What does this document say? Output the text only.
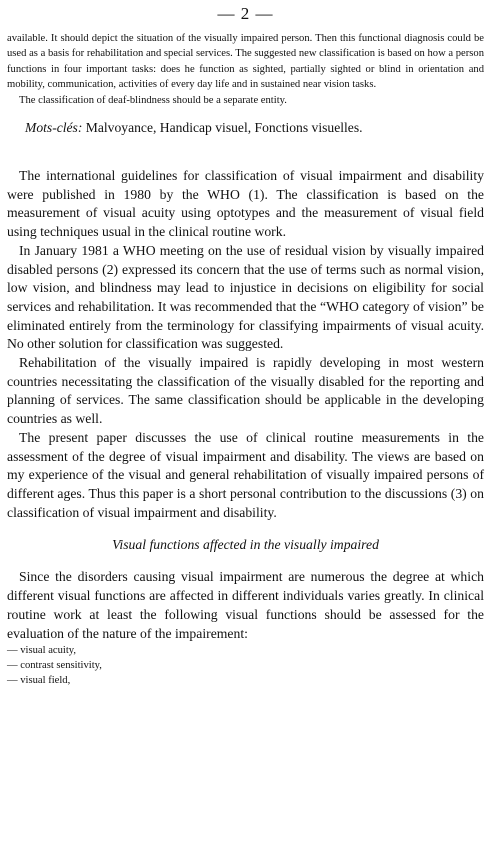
— 2 —

available. It should depict the situation of the visually impaired person. Then this functional diagnosis could be used as a basis for rehabilitation and special services. The suggested new classification is based on how a person functions in four important tasks: does he function as sighted, partially sighted or blind in orientation and mobility, communication, activities of every day life and in sustained near vision tasks.

The classification of deaf-blindness should be a separate entity.

Mots-clés: Malvoyance, Handicap visuel, Fonctions visuelles.

The international guidelines for classification of visual impairment and disability were published in 1980 by the WHO (1). The classification is based on the measurement of visual acuity using optotypes and the measurement of visual field using techniques usual in the clinical routine work.

In January 1981 a WHO meeting on the use of residual vision by visually impaired disabled persons (2) expressed its concern that the use of terms such as normal vision, low vision, and blindness may lead to injustice in decisions on eligibility for social services and rehabilitation. It was recommended that the “WHO category of vision” be eliminated entirely from the terminology for classifying impairments of visual acuity. No other solution for classification was suggested.

Rehabilitation of the visually impaired is rapidly developing in most western countries necessitating the classification of the visually disabled for the reporting and planning of services. The same classification should be applicable in the developing countries as well.

The present paper discusses the use of clinical routine measurements in the assessment of the degree of visual impairment and disability. The views are based on my experience of the visual and general rehabilitation of visually impaired persons of different ages. Thus this paper is a short personal contribution to the discussions (3) on classification of visual impairment and disability.

Visual functions affected in the visually impaired

Since the disorders causing visual impairment are numerous the degree at which different visual functions are affected in different individuals varies greatly. In clinical routine work at least the following visual functions should be assessed for the evaluation of the nature of the impairement:

— visual acuity,
— contrast sensitivity,
— visual field,
